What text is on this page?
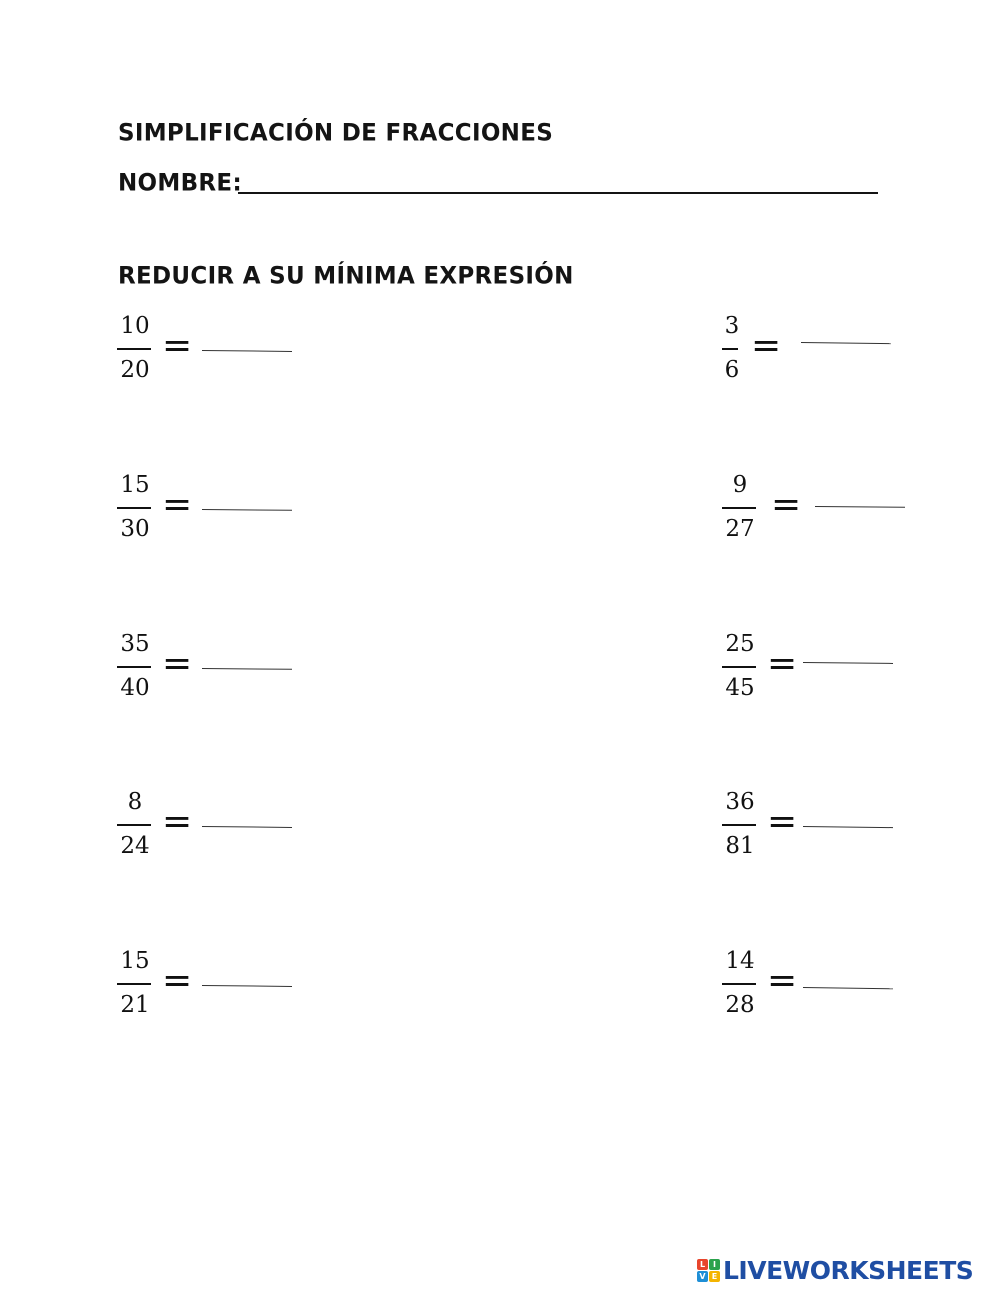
SIMPLIFICACIÓN DE FRACCIONES
NOMBRE:
REDUCIR A SU MÍNIMA EXPRESIÓN
10
20
=
15
30
=
35
40
=
8
24
=
15
21
=
3
6
=
9
27
=
25
45
=
36
81
=
14
28
=
L I
V E LIVEWORKSHEETS
